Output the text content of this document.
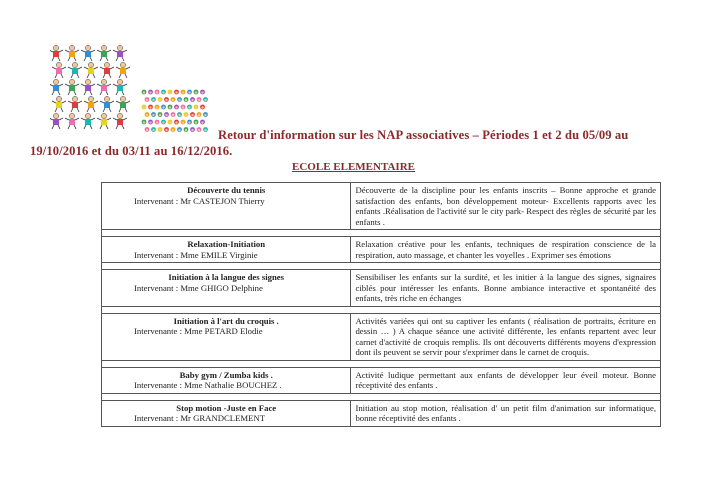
Retour d'information sur les NAP associatives – Périodes 1 et 2 du 05/09 au
19/10/2016 et du 03/11 au 16/12/2016.
ECOLE ELEMENTAIRE
Découverte du tennis
Intervenant : Mr CASTEJON Thierry	Découverte de la discipline pour les enfants inscrits – Bonne approche et grande satisfaction des enfants, bon développement moteur- Excellents rapports avec les enfants .Réalisation de l'activité sur le city park- Respect des règles de sécurité par les enfants .

Relaxation-Initiation
Intervenant : Mme EMILE Virginie	Relaxation créative pour les enfants, techniques de respiration conscience de la respiration, auto massage, et chanter les voyelles . Exprimer ses émotions

Initiation à la langue des signes
Intervenant : Mme GHIGO Delphine	Sensibiliser les enfants sur la surdité, et les initier à la langue des signes, signaires ciblés pour intéresser les enfants. Bonne ambiance interactive et spontanéité des enfants, très riche en échanges

Initiation à l'art du croquis .
Intervenante : Mme PETARD Elodie	Activités variées qui ont su captiver les enfants ( réalisation de portraits, écriture en dessin … ) A chaque séance une activité différente, les enfants repartent avec leur carnet d'activité de croquis remplis. Ils ont découverts différents moyens d'expression dont ils peuvent se servir pour s'exprimer dans le carnet de croquis.

Baby gym / Zumba kids .
Intervenante : Mme Nathalie BOUCHEZ .	Activité ludique permettant aux enfants de développer leur éveil moteur. Bonne réceptivité des enfants .

Stop motion -Juste en Face
Intervenant : Mr GRANDCLEMENT	Initiation au stop motion, réalisation d' un petit film d'animation sur informatique, bonne réceptivité des enfants .
